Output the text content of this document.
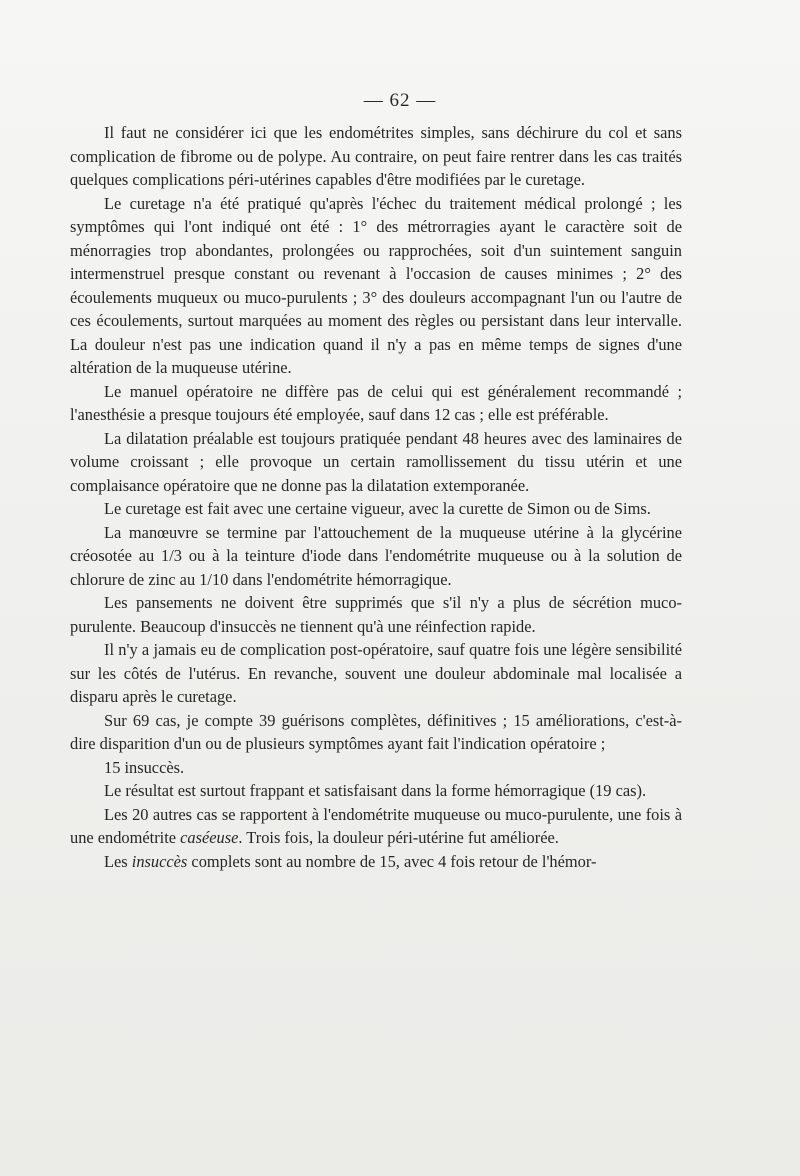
— 62 —

Il faut ne considérer ici que les endométrites simples, sans déchirure du col et sans complication de fibrome ou de polype. Au contraire, on peut faire rentrer dans les cas traités quelques complications péri-utérines capables d'être modifiées par le curetage.

Le curetage n'a été pratiqué qu'après l'échec du traitement médical prolongé ; les symptômes qui l'ont indiqué ont été : 1° des métrorragies ayant le caractère soit de ménorragies trop abondantes, prolongées ou rapprochées, soit d'un suintement sanguin intermenstruel presque constant ou revenant à l'occasion de causes minimes ; 2° des écoulements muqueux ou muco-purulents ; 3° des douleurs accompagnant l'un ou l'autre de ces écoulements, surtout marquées au moment des règles ou persistant dans leur intervalle. La douleur n'est pas une indication quand il n'y a pas en même temps de signes d'une altération de la muqueuse utérine.

Le manuel opératoire ne diffère pas de celui qui est généralement recommandé ; l'anesthésie a presque toujours été employée, sauf dans 12 cas ; elle est préférable.

La dilatation préalable est toujours pratiquée pendant 48 heures avec des laminaires de volume croissant ; elle provoque un certain ramollissement du tissu utérin et une complaisance opératoire que ne donne pas la dilatation extemporanée.

Le curetage est fait avec une certaine vigueur, avec la curette de Simon ou de Sims.

La manœuvre se termine par l'attouchement de la muqueuse utérine à la glycérine créosotée au 1/3 ou à la teinture d'iode dans l'endométrite muqueuse ou à la solution de chlorure de zinc au 1/10 dans l'endométrite hémorragique.

Les pansements ne doivent être supprimés que s'il n'y a plus de sécrétion muco-purulente. Beaucoup d'insuccès ne tiennent qu'à une réinfection rapide.

Il n'y a jamais eu de complication post-opératoire, sauf quatre fois une légère sensibilité sur les côtés de l'utérus. En revanche, souvent une douleur abdominale mal localisée a disparu après le curetage.

Sur 69 cas, je compte 39 guérisons complètes, définitives ; 15 améliorations, c'est-à-dire disparition d'un ou de plusieurs symptômes ayant fait l'indication opératoire ;

15 insuccès.

Le résultat est surtout frappant et satisfaisant dans la forme hémorragique (19 cas).

Les 20 autres cas se rapportent à l'endométrite muqueuse ou muco-purulente, une fois à une endométrite caséeuse. Trois fois, la douleur péri-utérine fut améliorée.

Les insuccès complets sont au nombre de 15, avec 4 fois retour de l'hémor-
